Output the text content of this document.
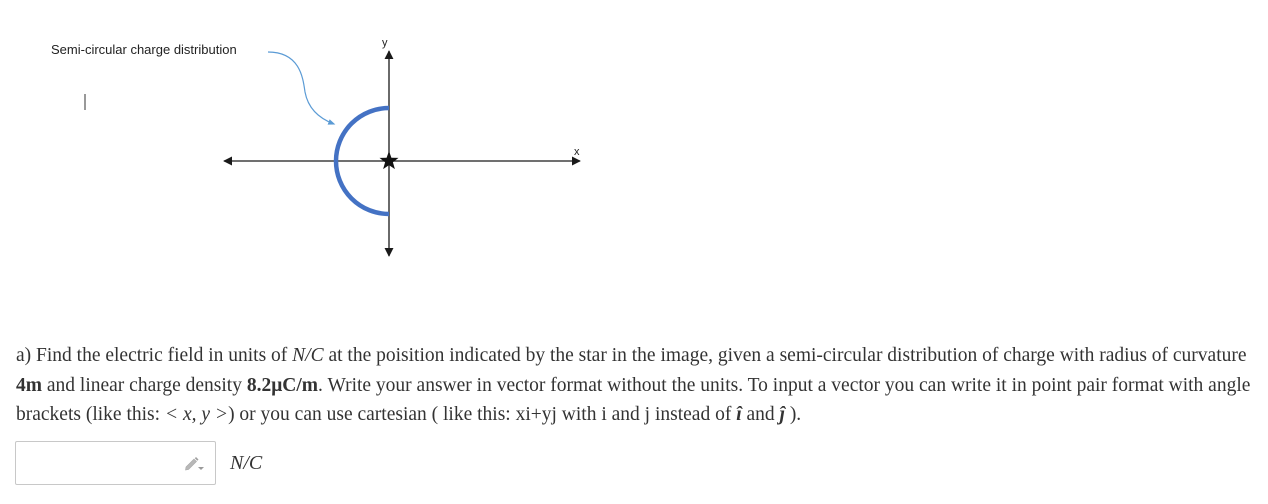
Semi-circular charge distribution	y
x
a) Find the electric field in units of N/C at the poisition indicated by the star in the image, given a semi-circular distribution of charge with radius of curvature 4m and linear charge density 8.2μC/m. Write your answer in vector format without the units. To input a vector you can write it in point pair format with angle brackets (like this: < x, y >) or you can use cartesian ( like this: xi+yj with i and j instead of î and ĵ ).
N/C
